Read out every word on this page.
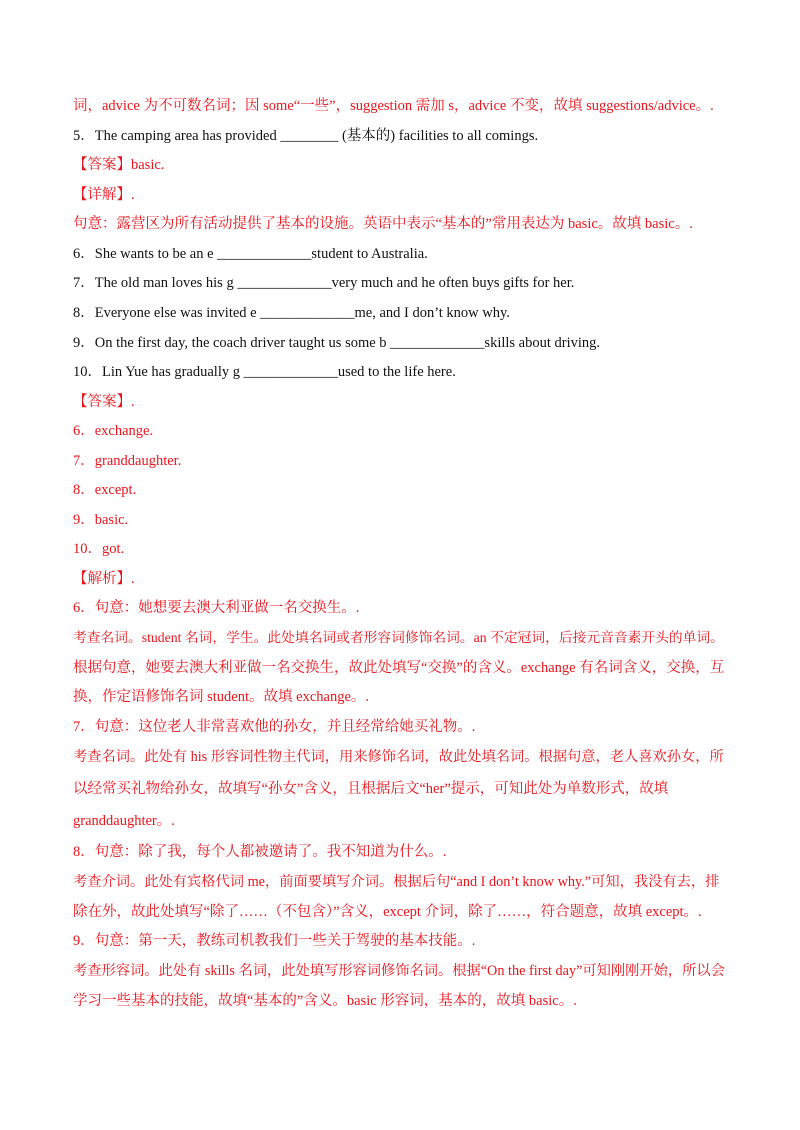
词，advice 为不可数名词；因 some“一些”，suggestion 需加 s，advice 不变，故填 suggestions/advice。.
5．The camping area has provided ________ (基本的) facilities to all comings.
【答案】basic.
【详解】.
句意：露营区为所有活动提供了基本的设施。英语中表示“基本的”常用表达为 basic。故填 basic。.
6．She wants to be an e _____________student to Australia.
7．The old man loves his g _____________very much and he often buys gifts for her.
8．Everyone else was invited e _____________me, and I don’t know why.
9．On the first day, the coach driver taught us some b _____________skills about driving.
10．Lin Yue has gradually g _____________used to the life here.
【答案】.
6．exchange.
7．granddaughter.
8．except.
9．basic.
10．got.
【解析】.
6．句意：她想要去澳大利亚做一名交换生。.
考查名词。student 名词，学生。此处填名词或者形容词修饰名词。an 不定冠词，后接元音音素开头的单词。
根据句意，她要去澳大利亚做一名交换生，故此处填写“交换”的含义。exchange 有名词含义，交换，互
换，作定语修饰名词 student。故填 exchange。.
7．句意：这位老人非常喜欢他的孙女，并且经常给她买礼物。.
考查名词。此处有 his 形容词性物主代词，用来修饰名词，故此处填名词。根据句意，老人喜欢孙女，所
以经常买礼物给孙女，故填写“孙女”含义，且根据后文“her”提示，可知此处为单数形式，故填
granddaughter。.
8．句意：除了我，每个人都被邀请了。我不知道为什么。.
考查介词。此处有宾格代词 me，前面要填写介词。根据后句“and I don’t know why.”可知，我没有去，排
除在外，故此处填写“除了……（不包含）”含义，except 介词，除了……，符合题意，故填 except。.
9．句意：第一天，教练司机教我们一些关于驾驶的基本技能。.
考查形容词。此处有 skills 名词，此处填写形容词修饰名词。根据“On the first day”可知刚刚开始，所以会
学习一些基本的技能，故填“基本的”含义。basic 形容词，基本的，故填 basic。.
